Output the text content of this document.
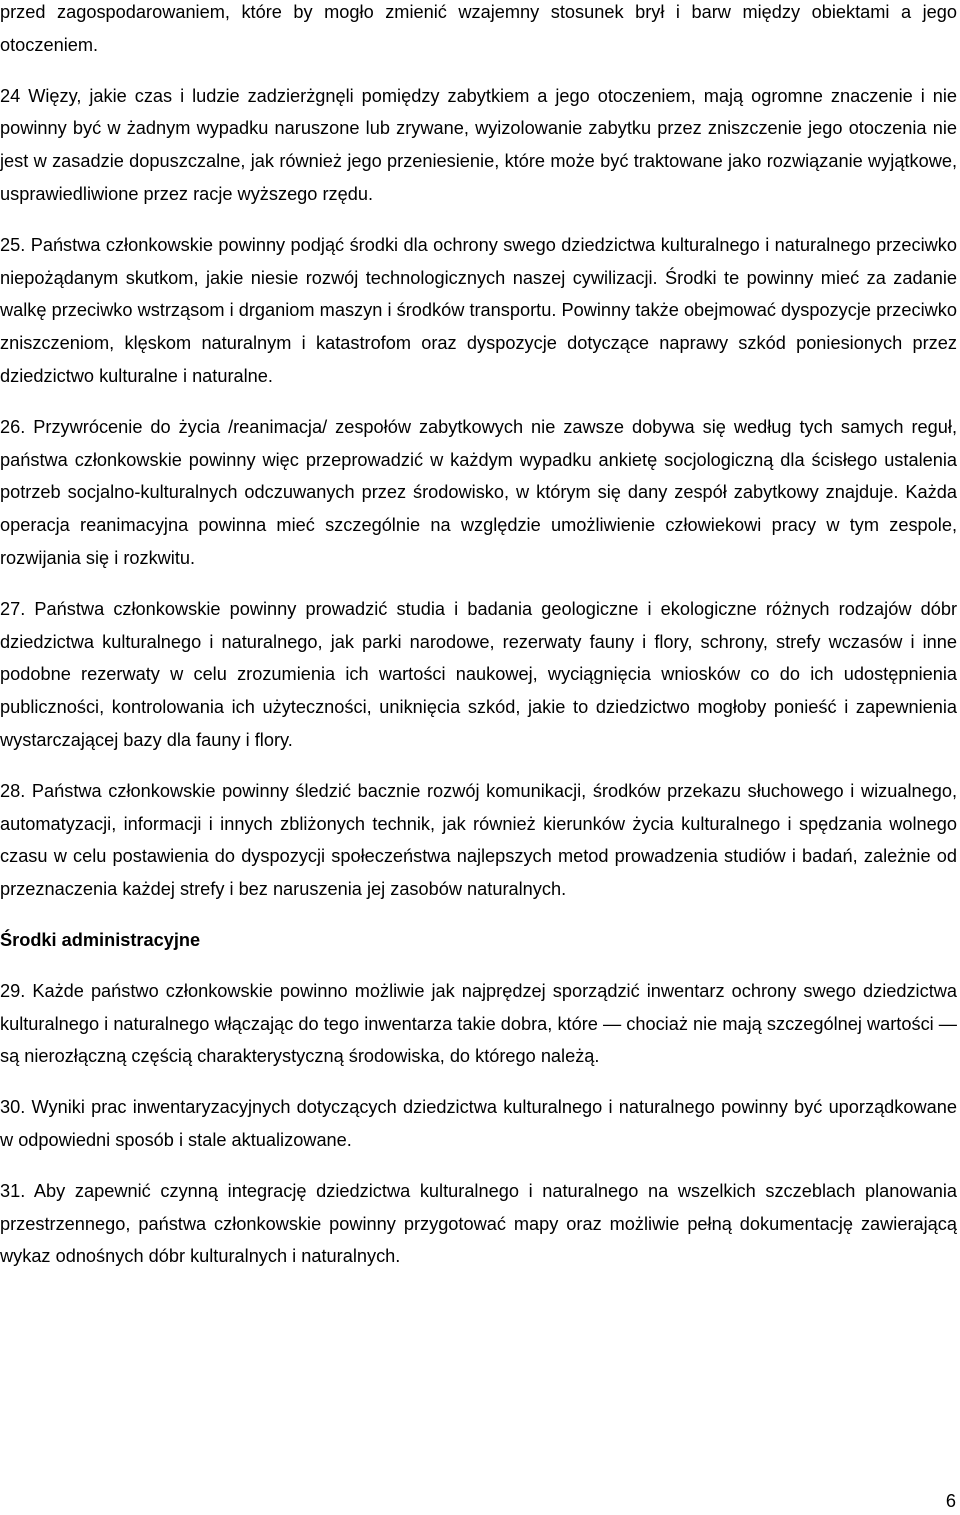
przed zagospodarowaniem, które by mogło zmienić wzajemny stosunek brył i barw między obiektami a jego otoczeniem.

24 Więzy, jakie czas i ludzie zadzierżgnęli pomiędzy zabytkiem a jego otoczeniem, mają ogromne znaczenie i nie powinny być w żadnym wypadku naruszone lub zrywane, wyizolowanie zabytku przez zniszczenie jego otoczenia nie jest w zasadzie dopuszczalne, jak również jego przeniesienie, które może być traktowane jako rozwiązanie wyjątkowe, usprawiedliwione przez racje wyższego rzędu.

25. Państwa członkowskie powinny podjąć środki dla ochrony swego dziedzictwa kulturalnego i naturalnego przeciwko niepożądanym skutkom, jakie niesie rozwój technologicznych naszej cywilizacji. Środki te powinny mieć za zadanie walkę przeciwko wstrząsom i drganiom maszyn i środków transportu. Powinny także obejmować dyspozycje przeciwko zniszczeniom, klęskom naturalnym i katastrofom oraz dyspozycje dotyczące naprawy szkód poniesionych przez dziedzictwo kulturalne i naturalne.

26. Przywrócenie do życia /reanimacja/ zespołów zabytkowych nie zawsze dobywa się według tych samych reguł, państwa członkowskie powinny więc przeprowadzić w każdym wypadku ankietę socjologiczną dla ścisłego ustalenia potrzeb socjalno-kulturalnych odczuwanych przez środowisko, w którym się dany zespół zabytkowy znajduje. Każda operacja reanimacyjna powinna mieć szczególnie na względzie umożliwienie człowiekowi pracy w tym zespole, rozwijania się i rozkwitu.

27. Państwa członkowskie powinny prowadzić studia i badania geologiczne i ekologiczne różnych rodzajów dóbr dziedzictwa kulturalnego i naturalnego, jak parki narodowe, rezerwaty fauny i flory, schrony, strefy wczasów i inne podobne rezerwaty w celu zrozumienia ich wartości naukowej, wyciągnięcia wniosków co do ich udostępnienia publiczności, kontrolowania ich użyteczności, uniknięcia szkód, jakie to dziedzictwo mogłoby ponieść i zapewnienia wystarczającej bazy dla fauny i flory.

28. Państwa członkowskie powinny śledzić bacznie rozwój komunikacji, środków przekazu słuchowego i wizualnego, automatyzacji, informacji i innych zbliżonych technik, jak również kierunków życia kulturalnego i spędzania wolnego czasu w celu postawienia do dyspozycji społeczeństwa najlepszych metod prowadzenia studiów i badań, zależnie od przeznaczenia każdej strefy i bez naruszenia jej zasobów naturalnych.

Środki administracyjne

29. Każde państwo członkowskie powinno możliwie jak najprędzej sporządzić inwentarz ochrony swego dziedzictwa kulturalnego i naturalnego włączając do tego inwentarza takie dobra, które — chociaż nie mają szczególnej wartości — są nierozłączną częścią charakterystyczną środowiska, do którego należą.

30. Wyniki prac inwentaryzacyjnych dotyczących dziedzictwa kulturalnego i naturalnego powinny być uporządkowane w odpowiedni sposób i stale aktualizowane.

31. Aby zapewnić czynną integrację dziedzictwa kulturalnego i naturalnego na wszelkich szczeblach planowania przestrzennego, państwa członkowskie powinny przygotować mapy oraz możliwie pełną dokumentację zawierającą wykaz odnośnych dóbr kulturalnych i naturalnych.

6
